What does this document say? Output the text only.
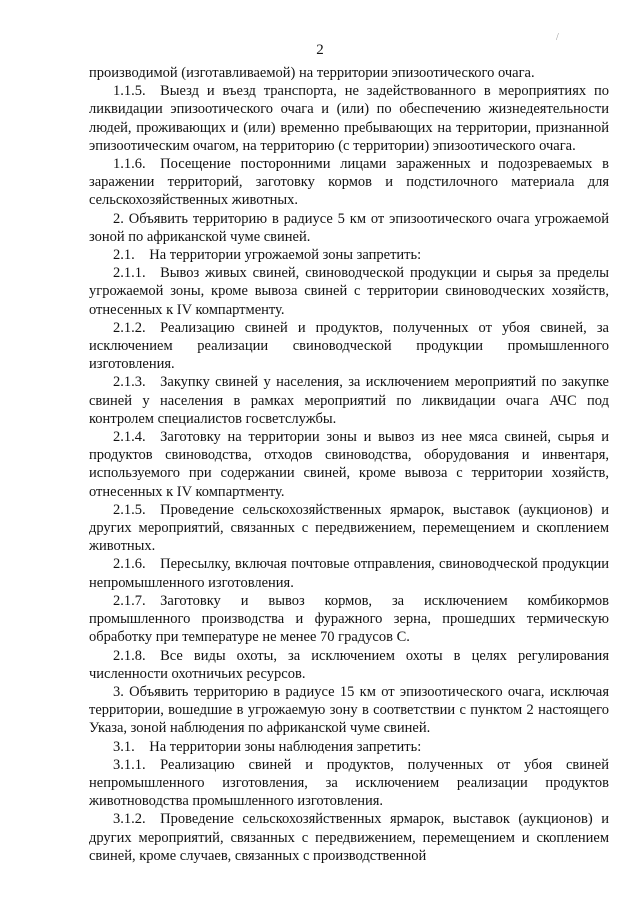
2
/

производимой (изготавливаемой) на территории эпизоотического очага.

1.1.5. Выезд и въезд транспорта, не задействованного в мероприятиях по ликвидации эпизоотического очага и (или) по обеспечению жизнедеятельности людей, проживающих и (или) временно пребывающих на территории, признанной эпизоотическим очагом, на территорию (с территории) эпизоотического очага.

1.1.6. Посещение посторонними лицами зараженных и подозреваемых в заражении территорий, заготовку кормов и подстилочного материала для сельскохозяйственных животных.

2. Объявить территорию в радиусе 5 км от эпизоотического очага угрожаемой зоной по африканской чуме свиней.

2.1. На территории угрожаемой зоны запретить:

2.1.1. Вывоз живых свиней, свиноводческой продукции и сырья за пределы угрожаемой зоны, кроме вывоза свиней с территории свиноводческих хозяйств, отнесенных к IV компартменту.

2.1.2. Реализацию свиней и продуктов, полученных от убоя свиней, за исключением реализации свиноводческой продукции промышленного изготовления.

2.1.3. Закупку свиней у населения, за исключением мероприятий по закупке свиней у населения в рамках мероприятий по ликвидации очага АЧС под контролем специалистов госветслужбы.

2.1.4. Заготовку на территории зоны и вывоз из нее мяса свиней, сырья и продуктов свиноводства, отходов свиноводства, оборудования и инвентаря, используемого при содержании свиней, кроме вывоза с территории хозяйств, отнесенных к IV компартменту.

2.1.5. Проведение сельскохозяйственных ярмарок, выставок (аукционов) и других мероприятий, связанных с передвижением, перемещением и скоплением животных.

2.1.6. Пересылку, включая почтовые отправления, свиноводческой продукции непромышленного изготовления.

2.1.7. Заготовку и вывоз кормов, за исключением комбикормов промышленного производства и фуражного зерна, прошедших термическую обработку при температуре не менее 70 градусов С.

2.1.8. Все виды охоты, за исключением охоты в целях регулирования численности охотничьих ресурсов.

3. Объявить территорию в радиусе 15 км от эпизоотического очага, исключая территории, вошедшие в угрожаемую зону в соответствии с пунктом 2 настоящего Указа, зоной наблюдения по африканской чуме свиней.

3.1. На территории зоны наблюдения запретить:

3.1.1. Реализацию свиней и продуктов, полученных от убоя свиней непромышленного изготовления, за исключением реализации продуктов животноводства промышленного изготовления.

3.1.2. Проведение сельскохозяйственных ярмарок, выставок (аукционов) и других мероприятий, связанных с передвижением, перемещением и скоплением свиней, кроме случаев, связанных с производственной
